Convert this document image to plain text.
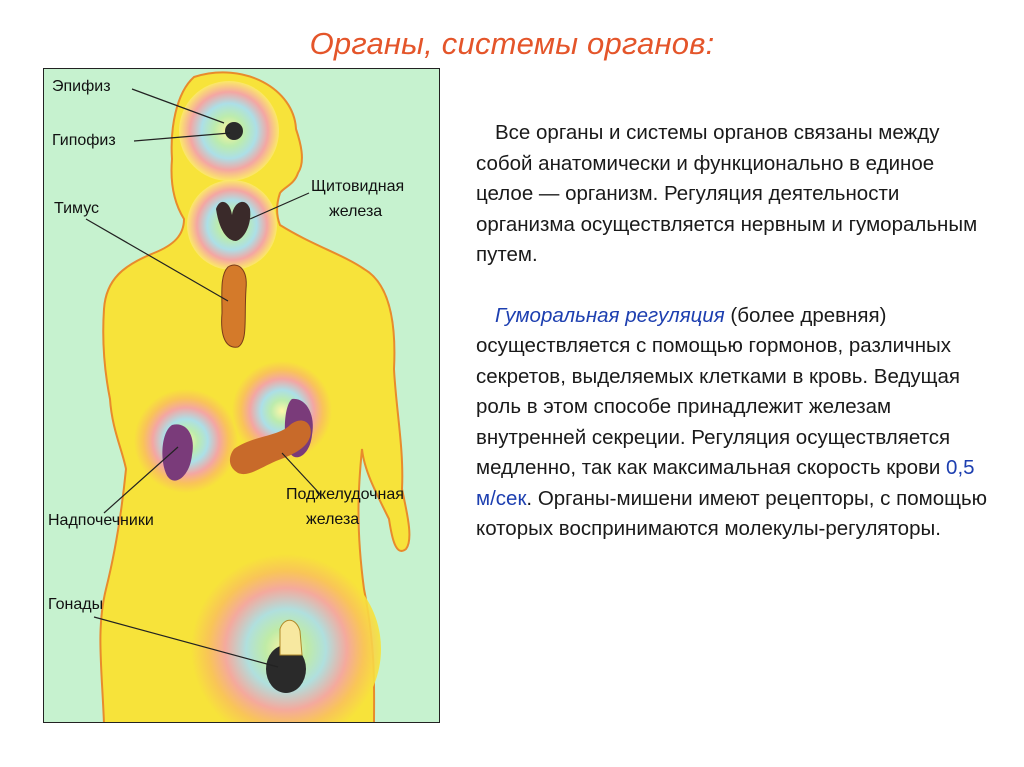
Органы, системы органов:
Эпифиз
Гипофиз
Щитовидная
железа
Тимус
Поджелудочная
железа
Надпочечники
Гонады

Все органы и системы органов связаны между собой анатомически и функционально в единое целое — организм. Регуляция деятельности организма осуществляется нервным и гуморальным путем.

Гуморальная регуляция (более древняя) осуществляется с помощью гормонов, различных секретов, выделяемых клетками в кровь. Ведущая роль в этом способе принадлежит железам внутренней секреции. Регуляция осуществляется медленно, так как максимальная скорость крови 0,5 м/сек. Органы-мишени имеют рецепторы, с помощью которых воспринимаются молекулы-регуляторы.
